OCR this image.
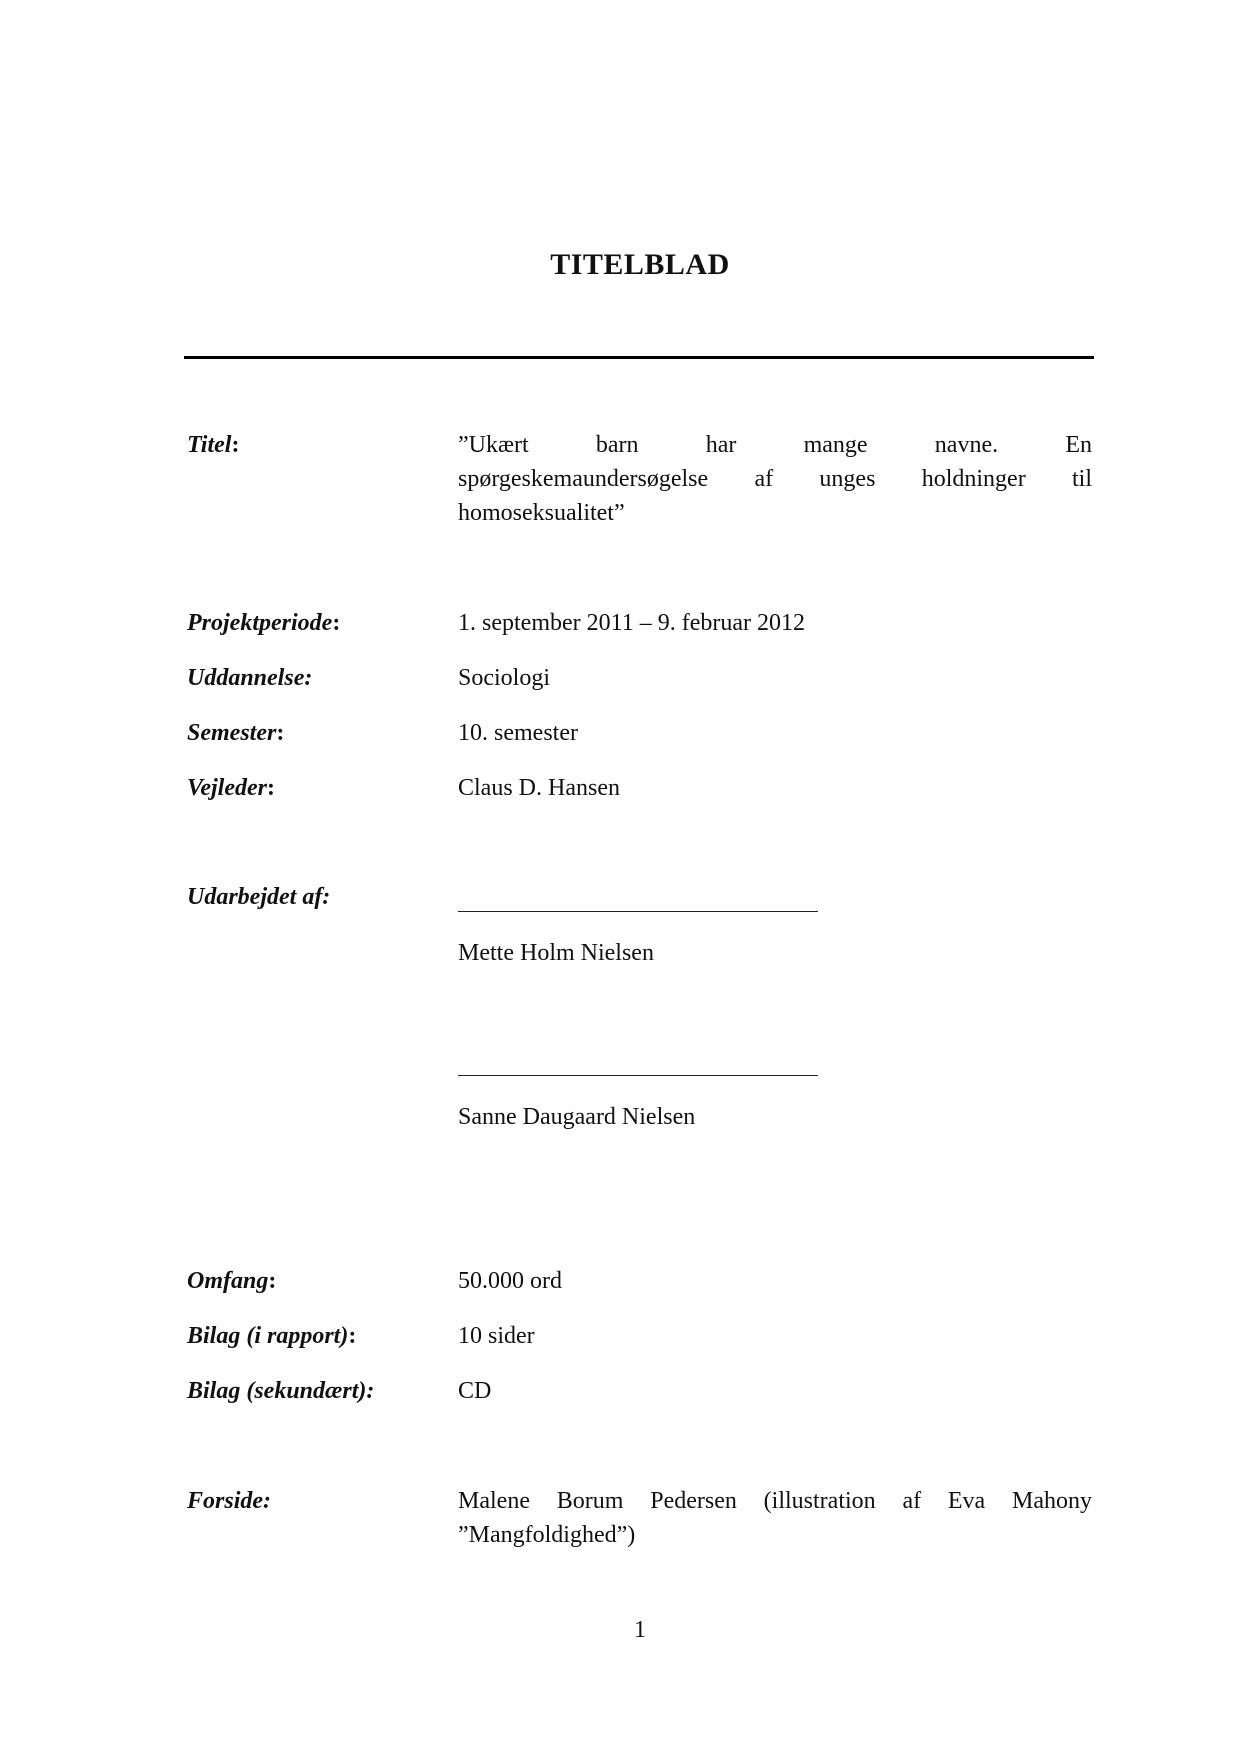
TITELBLAD
Titel:	”Ukært barn har mange navne. En
spørgeskemaundersøgelse af unges holdninger til
homoseksualitet”
Projektperiode:	1. september 2011 – 9. februar 2012
Uddannelse:	Sociologi
Semester:	10. semester
Vejleder:	Claus D. Hansen
Udarbejdet af:
Mette Holm Nielsen
Sanne Daugaard Nielsen
Omfang:	50.000 ord
Bilag (i rapport):	10 sider
Bilag (sekundært):	CD
Forside:	Malene Borum Pedersen (illustration af Eva Mahony
”Mangfoldighed”)
1
